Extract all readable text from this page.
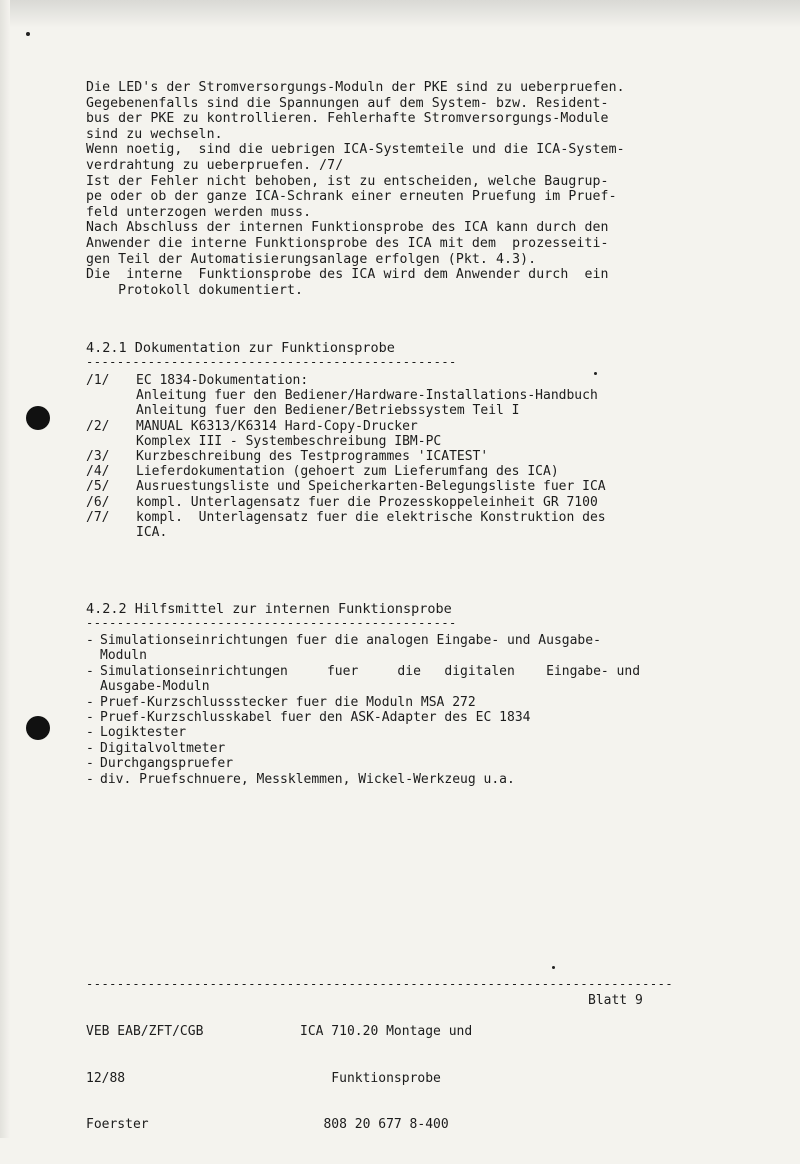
Die LED's der Stromversorgungs-Moduln der PKE sind zu ueberpruefen.
Gegebenenfalls sind die Spannungen auf dem System- bzw. Resident-
bus der PKE zu kontrollieren. Fehlerhafte Stromversorgungs-Module
sind zu wechseln.
Wenn noetig,  sind die uebrigen ICA-Systemteile und die ICA-System-
verdrahtung zu ueberpruefen. /7/
Ist der Fehler nicht behoben, ist zu entscheiden, welche Baugrup-
pe oder ob der ganze ICA-Schrank einer erneuten Pruefung im Pruef-
feld unterzogen werden muss.
Nach Abschluss der internen Funktionsprobe des ICA kann durch den
Anwender die interne Funktionsprobe des ICA mit dem  prozesseiti-
gen Teil der Automatisierungsanlage erfolgen (Pkt. 4.3).
Die  interne  Funktionsprobe des ICA wird dem Anwender durch  ein
Protokoll dokumentiert.
4.2.1 Dokumentation zur Funktionsprobe
------------------------------------------------
/1/	EC 1834-Dokumentation:
Anleitung fuer den Bediener/Hardware-Installations-Handbuch
Anleitung fuer den Bediener/Betriebssystem Teil I
/2/	MANUAL K6313/K6314 Hard-Copy-Drucker
Komplex III - Systembeschreibung IBM-PC
/3/	Kurzbeschreibung des Testprogrammes 'ICATEST'
/4/	Lieferdokumentation (gehoert zum Lieferumfang des ICA)
/5/	Ausruestungsliste und Speicherkarten-Belegungsliste fuer ICA
/6/	kompl. Unterlagensatz fuer die Prozesskoppeleinheit GR 7100
/7/	kompl.  Unterlagensatz fuer die elektrische Konstruktion des
ICA.
4.2.2 Hilfsmittel zur internen Funktionsprobe
------------------------------------------------
- Simulationseinrichtungen fuer die analogen Eingabe- und Ausgabe-
Moduln
- Simulationseinrichtungen     fuer     die   digitalen    Eingabe- und
Ausgabe-Moduln
- Pruef-Kurzschlussstecker fuer die Moduln MSA 272
- Pruef-Kurzschlusskabel fuer den ASK-Adapter des EC 1834
- Logiktester
- Digitalvoltmeter
- Durchgangspruefer
- div. Pruefschnuere, Messklemmen, Wickel-Werkzeug u.a.
----------------------------------------------------------------------------

VEB EAB/ZFT/CGB

12/88

Foerster

ICA 710.20 Montage und

Funktionsprobe

808 20 677 8-400

Blatt 9
